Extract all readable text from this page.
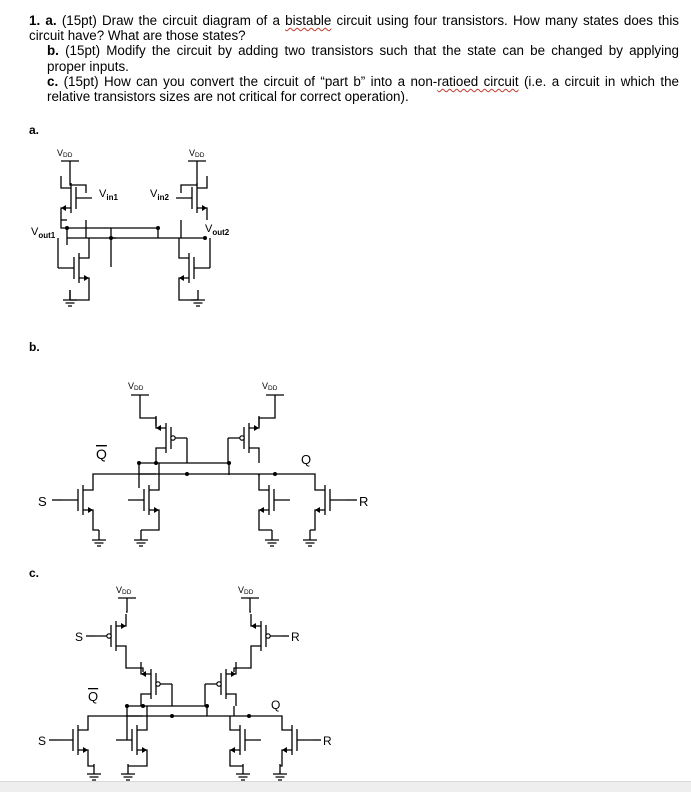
1. a. (15pt) Draw the circuit diagram of a bistable circuit using four transistors. How many states does this circuit have? What are those states?

b. (15pt) Modify the circuit by adding two transistors such that the state can be changed by applying proper inputs.

c. (15pt) How can you convert the circuit of “part b” into a non-ratioed circuit (i.e. a circuit in which the relative transistors sizes are not critical for correct operation).

a.
VDD	VDD
$V_{in1}$	$V_{in2}$
$V_{out1}$
$V_{out2}$
b.
VDD	VDD
Q	Q
S	R
c.
VDD	VDD
S	R
Q
Q
S	R
